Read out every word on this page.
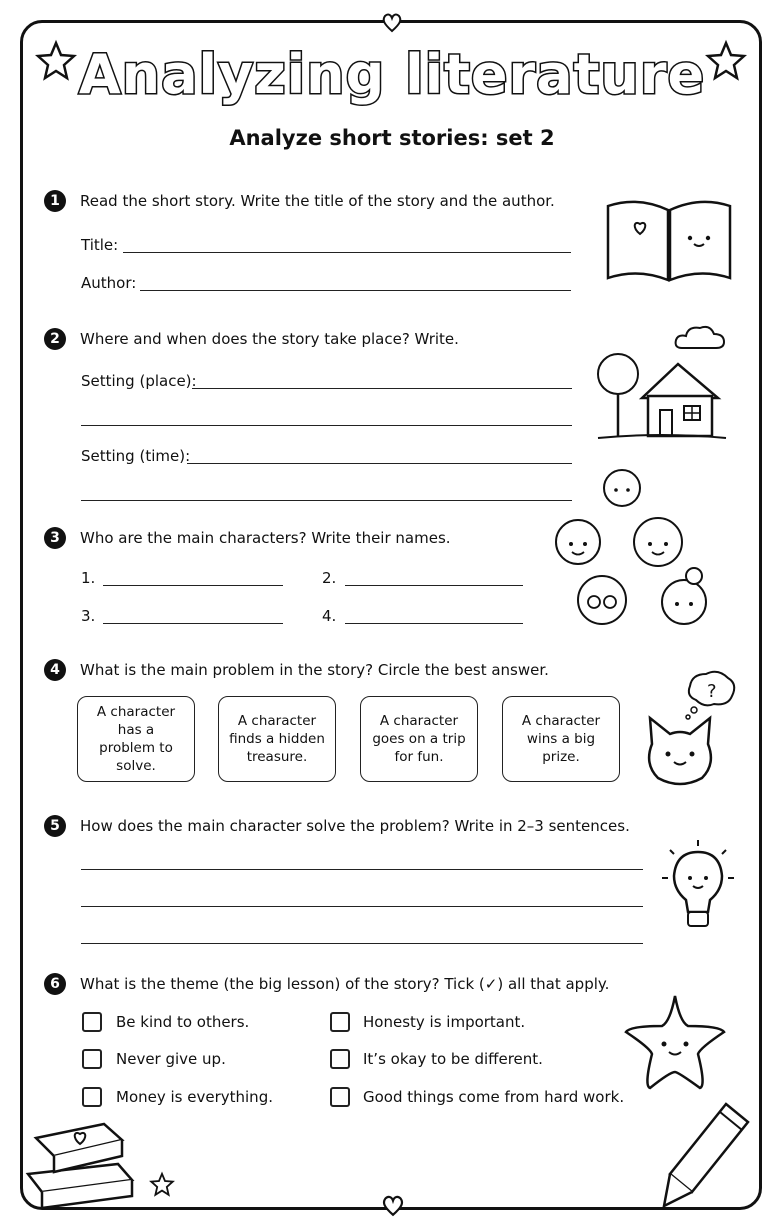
Analyzing literature
Analyze short stories: set 2
1	Read the short story. Write the title of the story and the author.
Title:
Author:
2	Where and when does the story take place? Write.
Setting (place):
Setting (time):
3	Who are the main characters? Write their names.
1.	2.
3.	4.
4	What is the main problem in the story? Circle the best answer.
A character has a problem to solve.
A character finds a hidden treasure.
A character goes on a trip for fun.
A character wins a big prize.
?
5	How does the main character solve the problem? Write in 2–3 sentences.
6	What is the theme (the big lesson) of the story? Tick (✓) all that apply.
Be kind to others.	Honesty is important.
Never give up.	It’s okay to be different.
Money is everything.	Good things come from hard work.
